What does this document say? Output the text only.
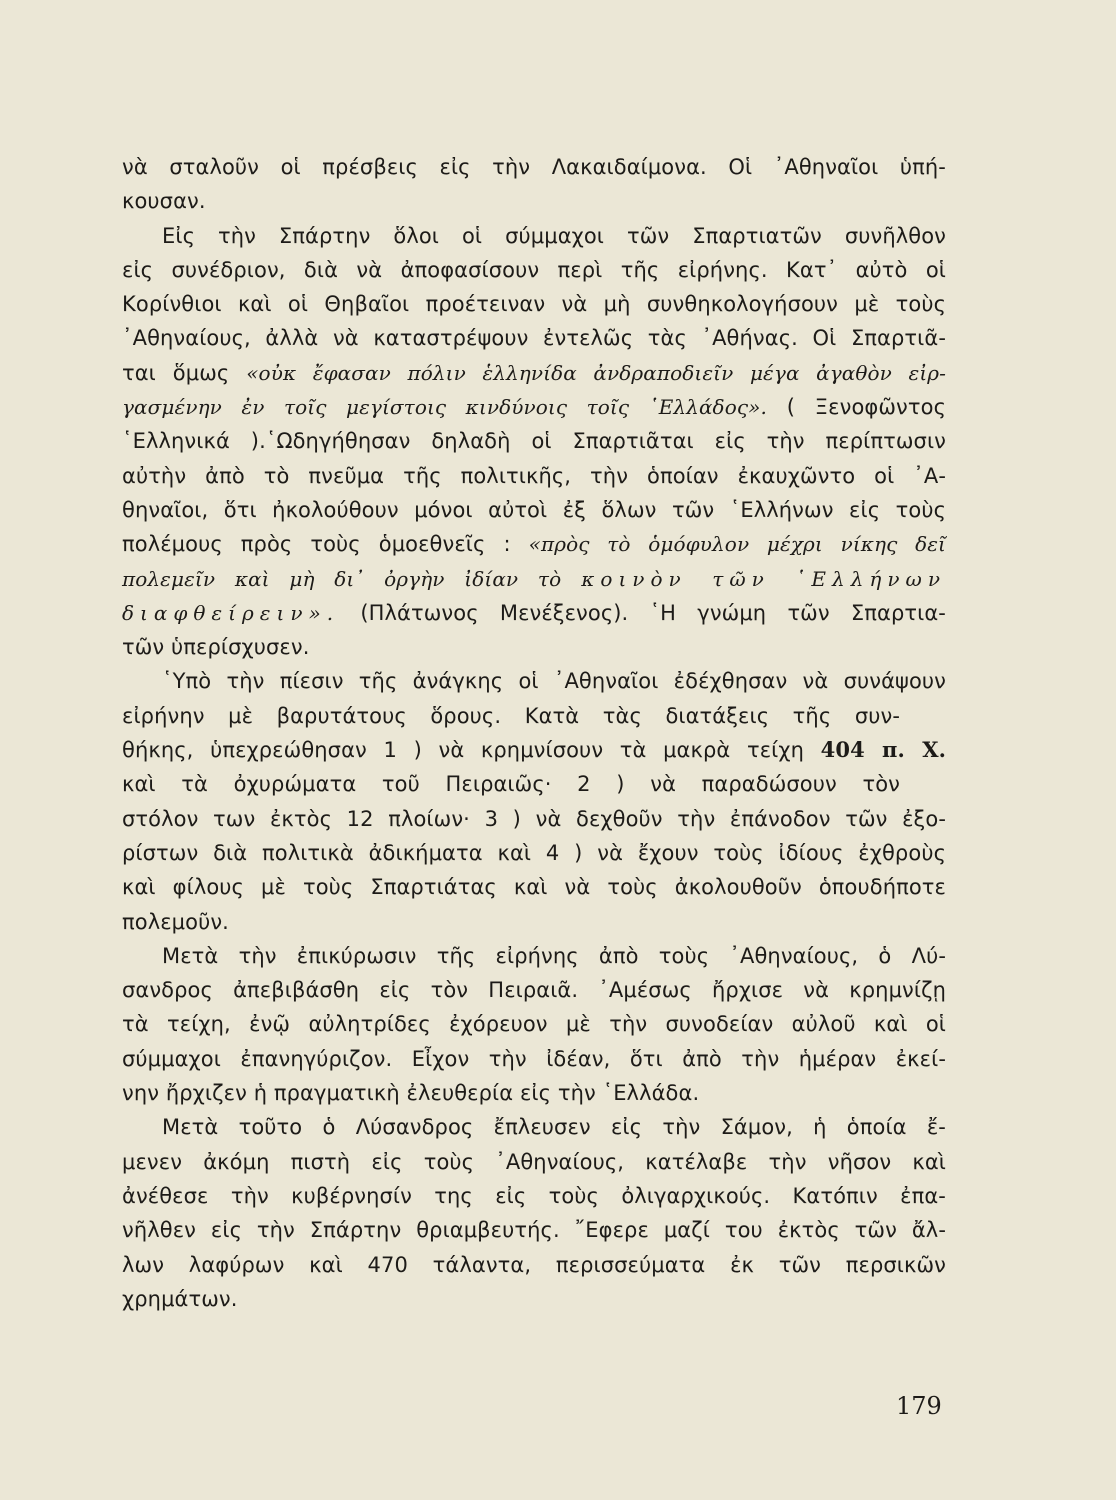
νὰ σταλοῦν οἱ πρέσβεις εἰς τὴν Λακαιδαίμονα. Οἱ ᾿Αθηναῖοι ὑπή-
κουσαν.
Εἰς τὴν Σπάρτην ὅλοι οἱ σύμμαχοι τῶν Σπαρτιατῶν συνῆλθον
εἰς συνέδριον, διὰ νὰ ἀποφασίσουν περὶ τῆς εἰρήνης. Κατ᾿ αὐτὸ οἱ
Κορίνθιοι καὶ οἱ Θηβαῖοι προέτειναν νὰ μὴ συνθηκολογήσουν μὲ τοὺς
᾿Αθηναίους, ἀλλὰ νὰ καταστρέψουν ἐντελῶς τὰς ᾿Αθήνας. Οἱ Σπαρτιᾶ-
ται ὅμως «οὐκ ἔφασαν πόλιν ἑλληνίδα ἀνδραποδιεῖν μέγα ἀγαθὸν εἰρ-
γασμένην ἐν τοῖς μεγίστοις κινδύνοις τοῖς ῾Ελλάδος». ( Ξενοφῶντος
῾Ελληνικά ).῾Ωδηγήθησαν δηλαδὴ οἱ Σπαρτιᾶται εἰς τὴν περίπτωσιν
αὐτὴν ἀπὸ τὸ πνεῦμα τῆς πολιτικῆς, τὴν ὁποίαν ἐκαυχῶντο οἱ ᾿Α-
θηναῖοι, ὅτι ἠκολούθουν μόνοι αὐτοὶ ἐξ ὅλων τῶν ῾Ελλήνων εἰς τοὺς
πολέμους πρὸς τοὺς ὁμοεθνεῖς : «πρὸς τὸ ὁμόφυλον μέχρι νίκης δεῖ
πολεμεῖν καὶ μὴ δι᾿ ὀργὴν ἰδίαν τὸ κοινὸν τῶν ῾Ελλήνων
διαφθείρειν». (Πλάτωνος Μενέξενος). ῾Η γνώμη τῶν Σπαρτια-
τῶν ὑπερίσχυσεν.
῾Υπὸ τὴν πίεσιν τῆς ἀνάγκης οἱ ᾿Αθηναῖοι ἐδέχθησαν νὰ συνάψουν
εἰρήνην μὲ βαρυτάτους ὅρους. Κατὰ τὰς διατάξεις τῆς συν-
θήκης, ὑπεχρεώθησαν 1 ) νὰ κρημνίσουν τὰ μακρὰ τείχη 404 π. Χ.
καὶ τὰ ὀχυρώματα τοῦ Πειραιῶς· 2 ) νὰ παραδώσουν τὸν
στόλον των ἐκτὸς 12 πλοίων· 3 ) νὰ δεχθοῦν τὴν ἐπάνοδον τῶν ἐξο-
ρίστων διὰ πολιτικὰ ἀδικήματα καὶ 4 ) νὰ ἔχουν τοὺς ἰδίους ἐχθροὺς
καὶ φίλους μὲ τοὺς Σπαρτιάτας καὶ νὰ τοὺς ἀκολουθοῦν ὁπουδήποτε
πολεμοῦν.
Μετὰ τὴν ἐπικύρωσιν τῆς εἰρήνης ἀπὸ τοὺς ᾿Αθηναίους, ὁ Λύ-
σανδρος ἀπεβιβάσθη εἰς τὸν Πειραιᾶ. ᾿Αμέσως ἤρχισε νὰ κρημνίζῃ
τὰ τείχη, ἐνῷ αὐλητρίδες ἐχόρευον μὲ τὴν συνοδείαν αὐλοῦ καὶ οἱ
σύμμαχοι ἐπανηγύριζον. Εἶχον τὴν ἰδέαν, ὅτι ἀπὸ τὴν ἡμέραν ἐκεί-
νην ἤρχιζεν ἡ πραγματικὴ ἐλευθερία εἰς τὴν ῾Ελλάδα.
Μετὰ τοῦτο ὁ Λύσανδρος ἔπλευσεν εἰς τὴν Σάμον, ἡ ὁποία ἔ-
μενεν ἀκόμη πιστὴ εἰς τοὺς ᾿Αθηναίους, κατέλαβε τὴν νῆσον καὶ
ἀνέθεσε τὴν κυβέρνησίν της εἰς τοὺς ὀλιγαρχικούς. Κατόπιν ἐπα-
νῆλθεν εἰς τὴν Σπάρτην θριαμβευτής. ῎Εφερε μαζί του ἐκτὸς τῶν ἄλ-
λων λαφύρων καὶ 470 τάλαντα, περισσεύματα ἐκ τῶν περσικῶν
χρημάτων.
179
